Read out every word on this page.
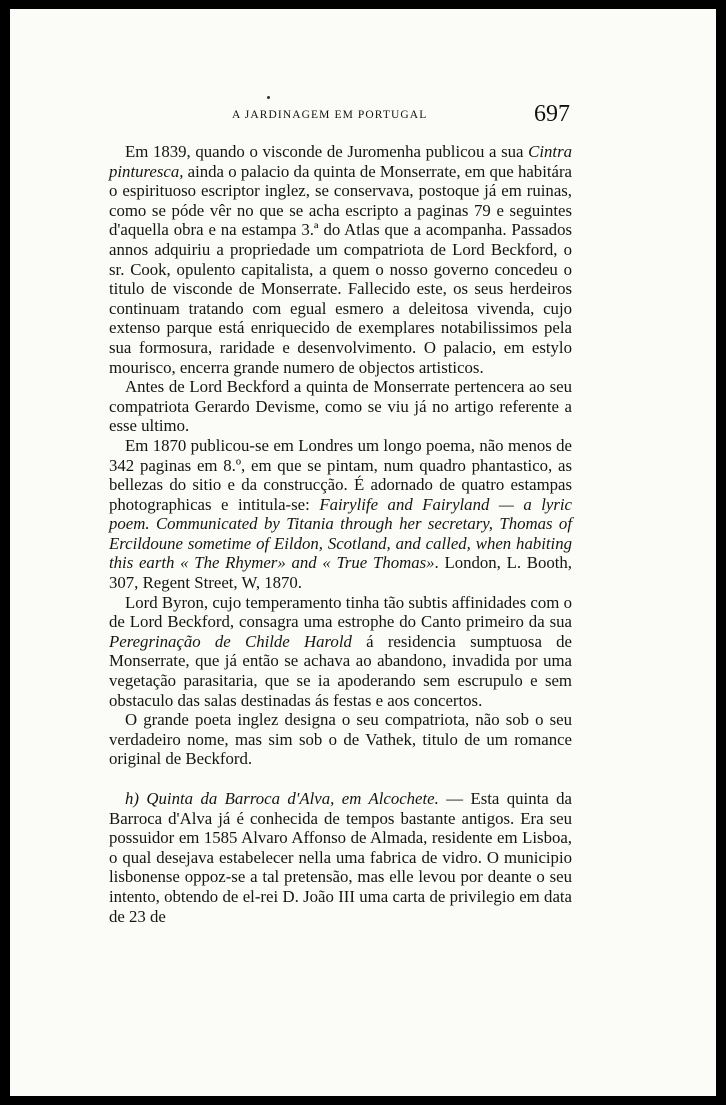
A JARDINAGEM EM PORTUGAL	697

Em 1839, quando o visconde de Juromenha publicou a sua Cintra pinturesca, ainda o palacio da quinta de Monserrate, em que habitára o espirituoso escriptor inglez, se conservava, postoque já em ruinas, como se póde vêr no que se acha escripto a paginas 79 e seguintes d'aquella obra e na estampa 3.ª do Atlas que a acompanha. Passados annos adquiriu a propriedade um compatriota de Lord Beckford, o sr. Cook, opulento capitalista, a quem o nosso governo concedeu o titulo de visconde de Monserrate. Fallecido este, os seus herdeiros continuam tratando com egual esmero a deleitosa vivenda, cujo extenso parque está enriquecido de exemplares notabilissimos pela sua formosura, raridade e desenvolvimento. O palacio, em estylo mourisco, encerra grande numero de objectos artisticos.

Antes de Lord Beckford a quinta de Monserrate pertencera ao seu compatriota Gerardo Devisme, como se viu já no artigo referente a esse ultimo.

Em 1870 publicou-se em Londres um longo poema, não menos de 342 paginas em 8.º, em que se pintam, num quadro phantastico, as bellezas do sitio e da construcção. É adornado de quatro estampas photographicas e intitula-se: Fairylife and Fairyland — a lyric poem. Communicated by Titania through her secretary, Thomas of Ercildoune sometime of Eildon, Scotland, and called, when habiting this earth « The Rhymer» and « True Thomas». London, L. Booth, 307, Regent Street, W, 1870.

Lord Byron, cujo temperamento tinha tão subtis affinidades com o de Lord Beckford, consagra uma estrophe do Canto primeiro da sua Peregrinação de Childe Harold á residencia sumptuosa de Monserrate, que já então se achava ao abandono, invadida por uma vegetação parasitaria, que se ia apoderando sem escrupulo e sem obstaculo das salas destinadas ás festas e aos concertos.

O grande poeta inglez designa o seu compatriota, não sob o seu verdadeiro nome, mas sim sob o de Vathek, titulo de um romance original de Beckford.

h) Quinta da Barroca d'Alva, em Alcochete. — Esta quinta da Barroca d'Alva já é conhecida de tempos bastante antigos. Era seu possuidor em 1585 Alvaro Affonso de Almada, residente em Lisboa, o qual desejava estabelecer nella uma fabrica de vidro. O municipio lisbonense oppoz-se a tal pretensão, mas elle levou por deante o seu intento, obtendo de el-rei D. João III uma carta de privilegio em data de 23 de
